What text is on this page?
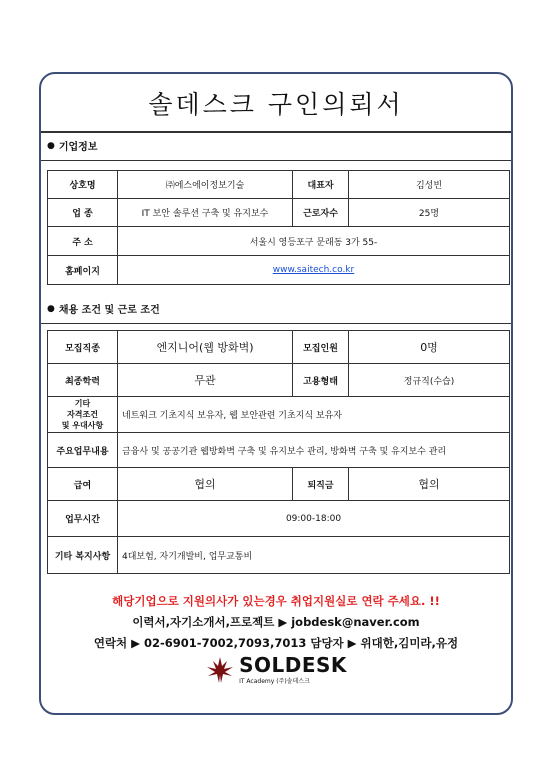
솔데스크 구인의뢰서
● 기업정보
상호명	㈜에스에이정보기술	대표자	김성빈
업 종	IT 보안 솔루션 구축 및 유지보수	근로자수	25명
주 소	서울시 영등포구 문래동 3가 55-		
홈페이지	www.saitech.co.kr		
● 채용 조건 및 근로 조건
모집직종	엔지니어(웹 방화벽)	모집인원	0명
최종학력	무관	고용형태	정규직(수습)

기타
자격조건
및 우대사항	네트워크 기초지식 보유자, 웹 보안관련 기초지식 보유자		
주요업무내용	금융사 및 공공기관 웹방화벽 구축 및 유지보수 관리, 방화벽 구축 및 유지보수 관리		
급여	협의	퇴직금	협의
업무시간	09:00-18:00		
기타 복지사항	4대보험, 자기개발비, 업무교통비		
해당기업으로 지원의사가 있는경우 취업지원실로 연락 주세요. !!
이력서,자기소개서,프로젝트 ▶ jobdesk@naver.com
연락처 ▶ 02-6901-7002,7093,7013 담당자 ▶ 위대한,김미라,유정
SOLDESK
IT Academy (주)솔데스크
